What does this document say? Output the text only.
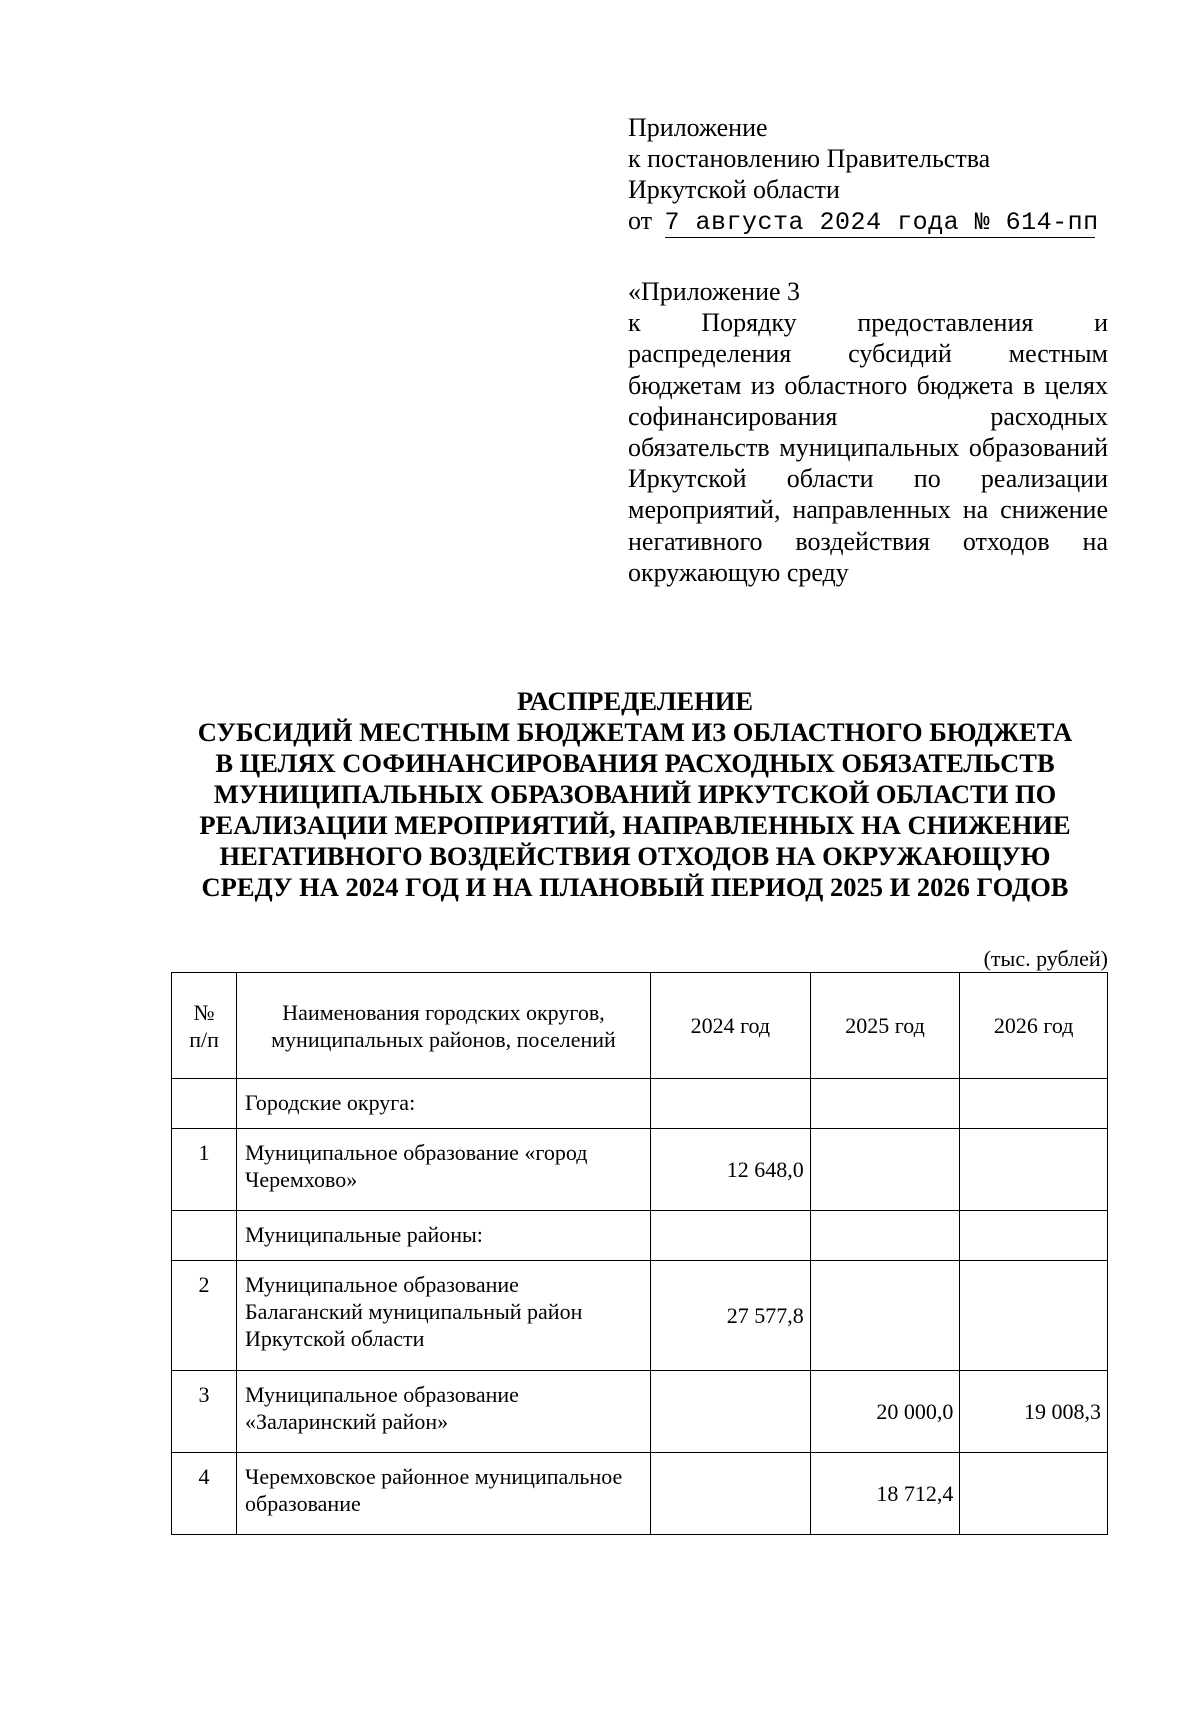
Приложение
к постановлению Правительства
Иркутской области
от 7 августа 2024 года № 614-пп
«Приложение 3
к Порядку предоставления и распределения субсидий местным бюджетам из областного бюджета в целях софинансирования расходных обязательств муниципальных образований Иркутской области по реализации мероприятий, направленных на снижение негативного воздействия отходов на окружающую среду
РАСПРЕДЕЛЕНИЕ
СУБСИДИЙ МЕСТНЫМ БЮДЖЕТАМ ИЗ ОБЛАСТНОГО БЮДЖЕТА
В ЦЕЛЯХ СОФИНАНСИРОВАНИЯ РАСХОДНЫХ ОБЯЗАТЕЛЬСТВ
МУНИЦИПАЛЬНЫХ ОБРАЗОВАНИЙ ИРКУТСКОЙ ОБЛАСТИ ПО
РЕАЛИЗАЦИИ МЕРОПРИЯТИЙ, НАПРАВЛЕННЫХ НА СНИЖЕНИЕ
НЕГАТИВНОГО ВОЗДЕЙСТВИЯ ОТХОДОВ НА ОКРУЖАЮЩУЮ
СРЕДУ НА 2024 ГОД И НА ПЛАНОВЫЙ ПЕРИОД 2025 И 2026 ГОДОВ
(тыс. рублей)
№
п/п	Наименования городских округов, муниципальных районов, поселений	2024 год	2025 год	2026 год
	Городские округа:			
1	Муниципальное образование «город Черемхово»	12 648,0		
	Муниципальные районы:			
2	Муниципальное образование Балаганский муниципальный район Иркутской области	27 577,8		
3	Муниципальное образование «Заларинский район»		20 000,0	19 008,3
4	Черемховское районное муниципальное образование		18 712,4	
